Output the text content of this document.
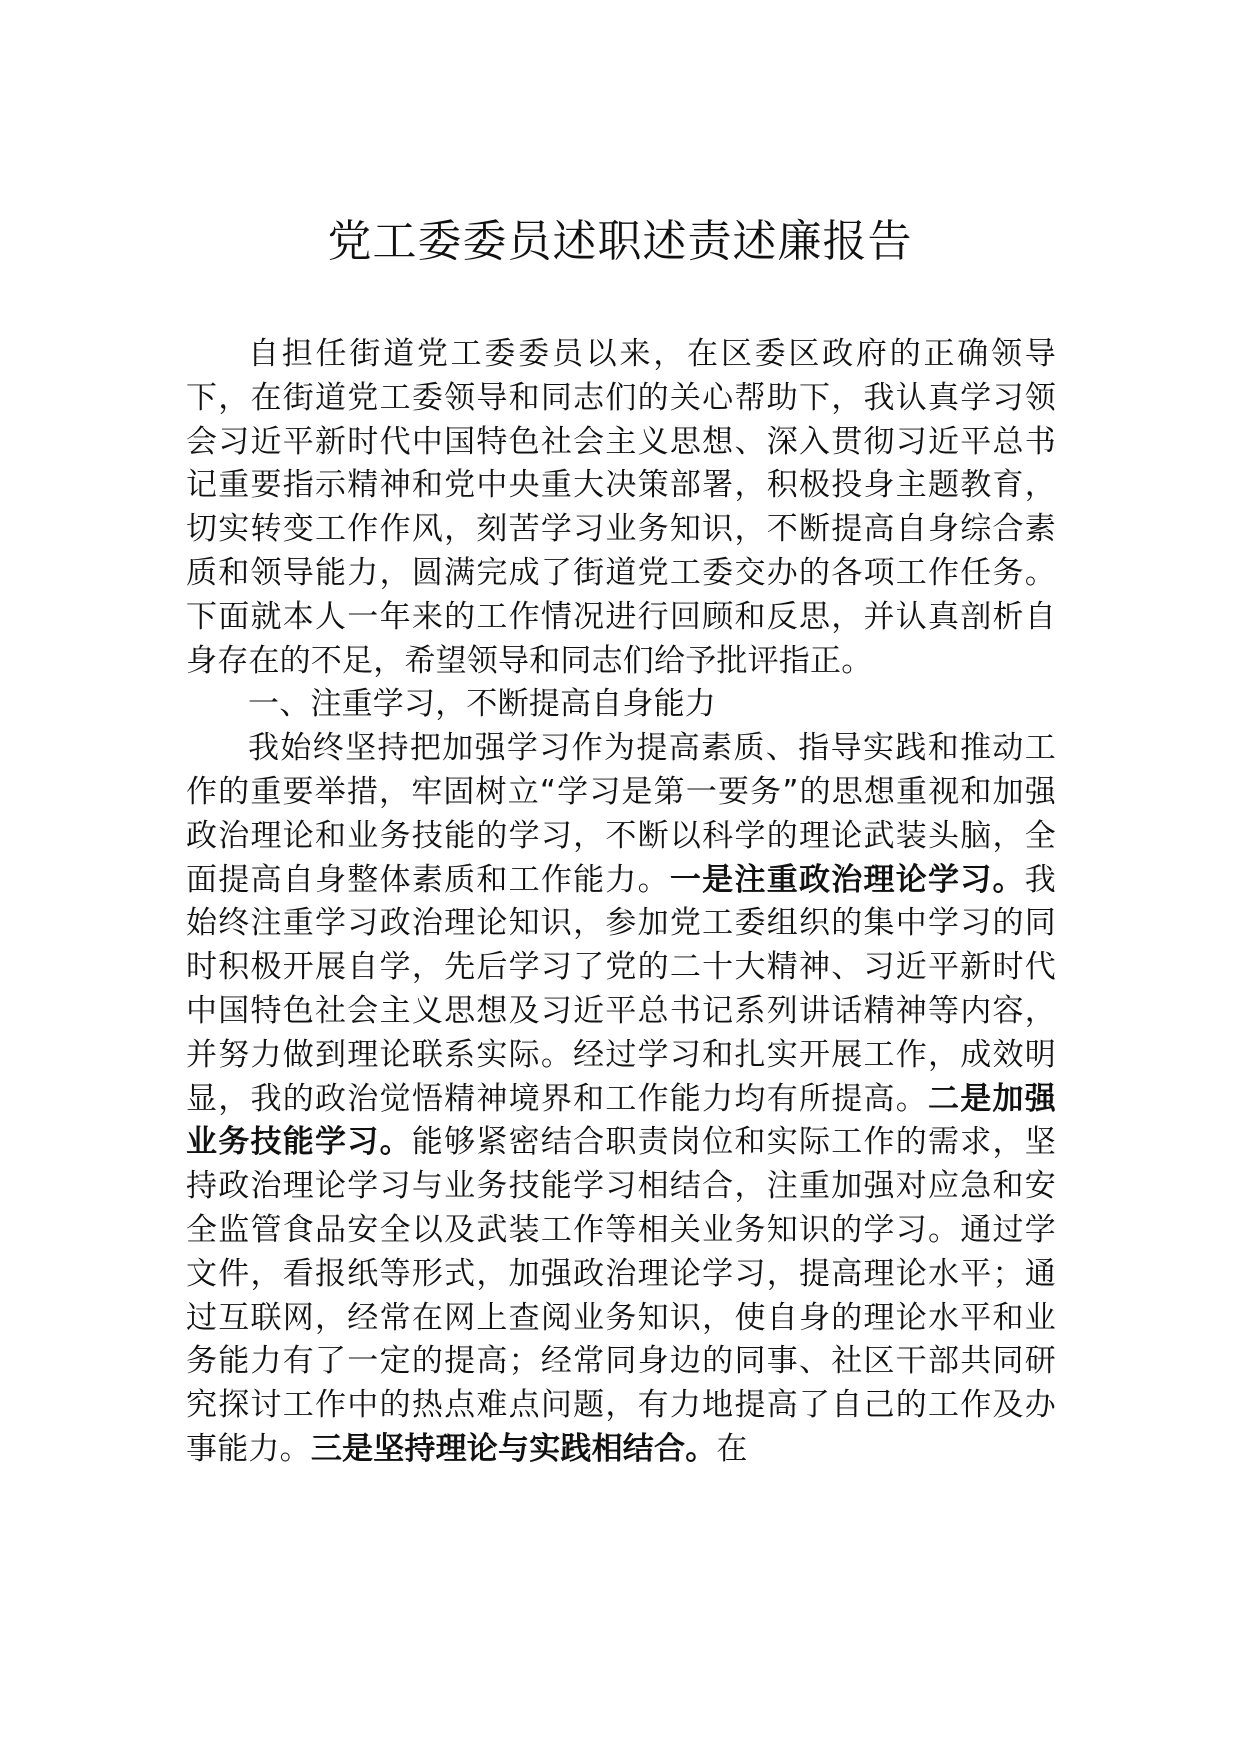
党工委委员述职述责述廉报告

自担任街道党工委委员以来，在区委区政府的正确领导下，在街道党工委领导和同志们的关心帮助下，我认真学习领会习近平新时代中国特色社会主义思想、深入贯彻习近平总书记重要指示精神和党中央重大决策部署，积极投身主题教育，切实转变工作作风，刻苦学习业务知识，不断提高自身综合素质和领导能力，圆满完成了街道党工委交办的各项工作任务。下面就本人一年来的工作情况进行回顾和反思，并认真剖析自身存在的不足，希望领导和同志们给予批评指正。

一、注重学习，不断提高自身能力

我始终坚持把加强学习作为提高素质、指导实践和推动工作的重要举措，牢固树立“学习是第一要务”的思想重视和加强政治理论和业务技能的学习，不断以科学的理论武装头脑，全面提高自身整体素质和工作能力。一是注重政治理论学习。我始终注重学习政治理论知识，参加党工委组织的集中学习的同时积极开展自学，先后学习了党的二十大精神、习近平新时代中国特色社会主义思想及习近平总书记系列讲话精神等内容，并努力做到理论联系实际。经过学习和扎实开展工作，成效明显，我的政治觉悟精神境界和工作能力均有所提高。二是加强业务技能学习。能够紧密结合职责岗位和实际工作的需求，坚持政治理论学习与业务技能学习相结合，注重加强对应急和安全监管食品安全以及武装工作等相关业务知识的学习。通过学文件，看报纸等形式，加强政治理论学习，提高理论水平；通过互联网，经常在网上查阅业务知识，使自身的理论水平和业务能力有了一定的提高；经常同身边的同事、社区干部共同研究探讨工作中的热点难点问题，有力地提高了自己的工作及办事能力。三是坚持理论与实践相结合。在
